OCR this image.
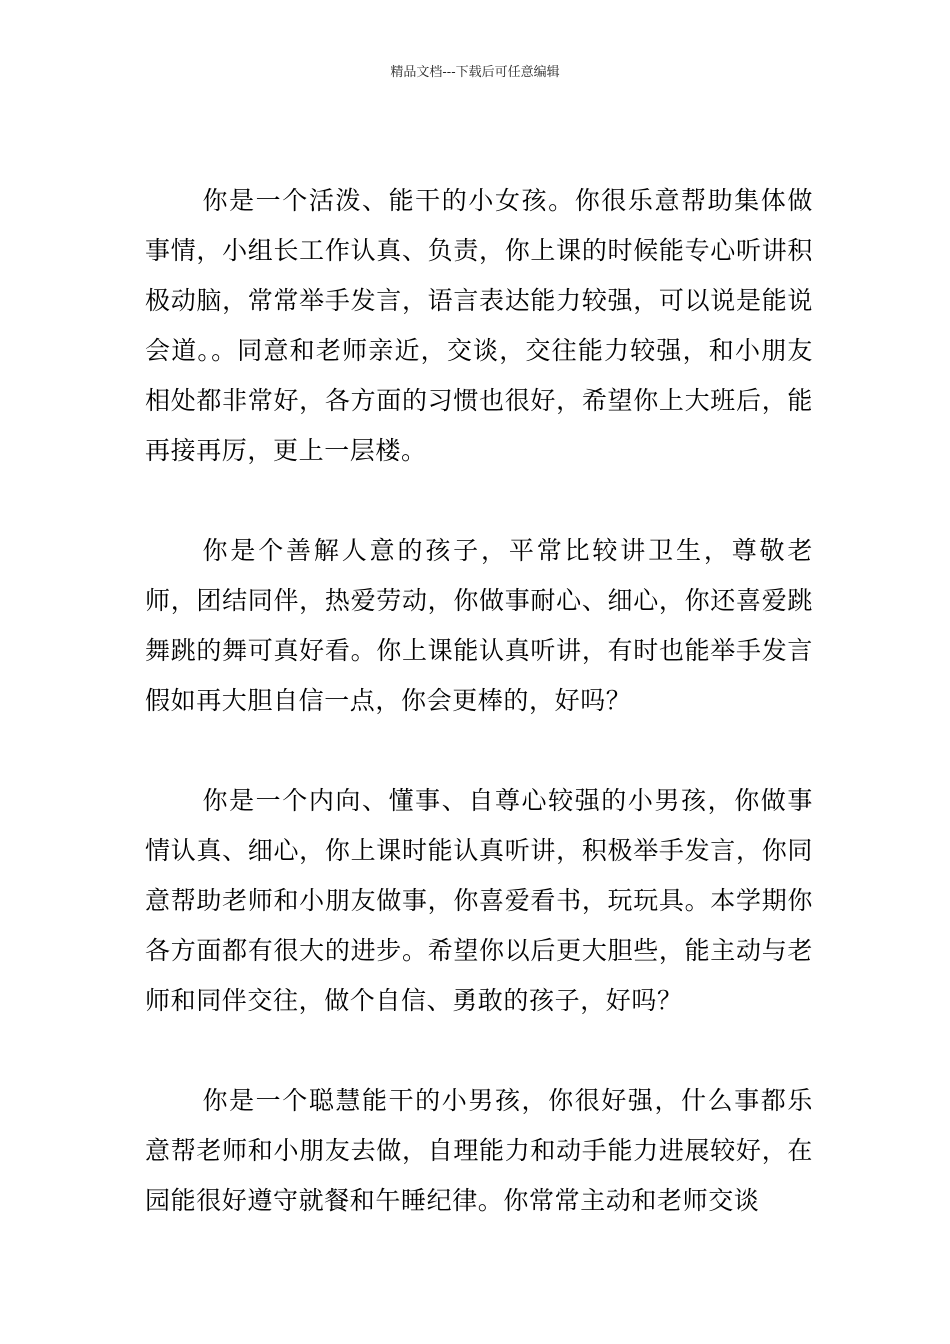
精品文档---下载后可任意编辑

你是一个活泼、能干的小女孩。你很乐意帮助集体做事情，小组长工作认真、负责，你上课的时候能专心听讲积极动脑，常常举手发言，语言表达能力较强，可以说是能说会道。。同意和老师亲近，交谈，交往能力较强，和小朋友相处都非常好，各方面的习惯也很好，希望你上大班后，能再接再厉，更上一层楼。

你是个善解人意的孩子，平常比较讲卫生，尊敬老师，团结同伴，热爱劳动，你做事耐心、细心，你还喜爱跳舞跳的舞可真好看。你上课能认真听讲，有时也能举手发言假如再大胆自信一点，你会更棒的，好吗？

你是一个内向、懂事、自尊心较强的小男孩，你做事情认真、细心，你上课时能认真听讲，积极举手发言，你同意帮助老师和小朋友做事，你喜爱看书，玩玩具。本学期你各方面都有很大的进步。希望你以后更大胆些，能主动与老师和同伴交往，做个自信、勇敢的孩子，好吗？

你是一个聪慧能干的小男孩，你很好强，什么事都乐意帮老师和小朋友去做，自理能力和动手能力进展较好，在园能很好遵守就餐和午睡纪律。你常常主动和老师交谈
